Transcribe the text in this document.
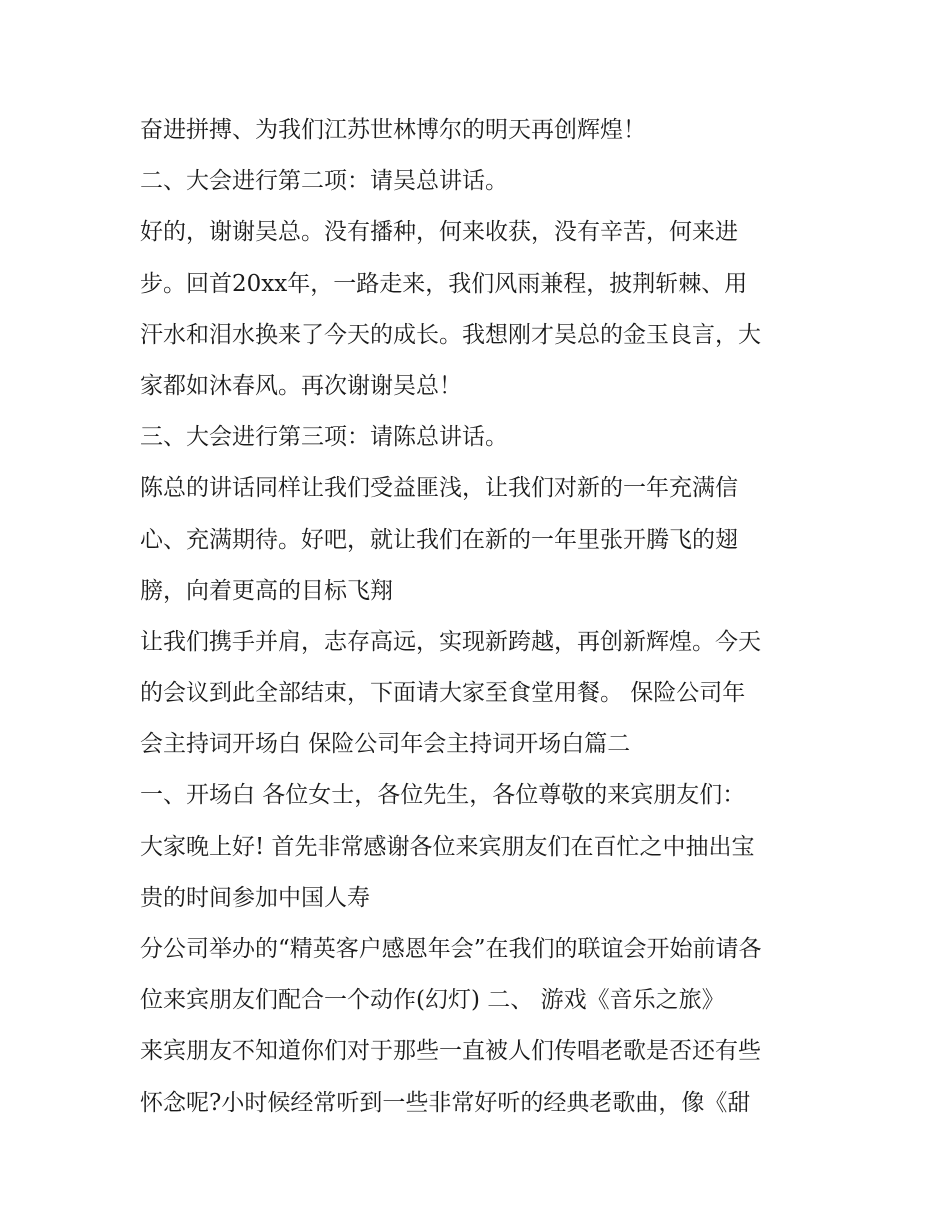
奋进拼搏、为我们江苏世林博尔的明天再创辉煌！
二、大会进行第二项：请吴总讲话。
好的，谢谢吴总。没有播种，何来收获，没有辛苦，何来进
步。回首20xx年，一路走来，我们风雨兼程，披荆斩棘、用
汗水和泪水换来了今天的成长。我想刚才吴总的金玉良言，大
家都如沐春风。再次谢谢吴总！
三、大会进行第三项：请陈总讲话。
陈总的讲话同样让我们受益匪浅，让我们对新的一年充满信
心、充满期待。好吧，就让我们在新的一年里张开腾飞的翅
膀，向着更高的目标飞翔
让我们携手并肩，志存高远，实现新跨越，再创新辉煌。今天
的会议到此全部结束，下面请大家至食堂用餐。 保险公司年
会主持词开场白 保险公司年会主持词开场白篇二
一、开场白 各位女士，各位先生，各位尊敬的来宾朋友们：
大家晚上好! 首先非常感谢各位来宾朋友们在百忙之中抽出宝
贵的时间参加中国人寿
分公司举办的“精英客户感恩年会”在我们的联谊会开始前请各
位来宾朋友们配合一个动作(幻灯) 二、 游戏《音乐之旅》
来宾朋友不知道你们对于那些一直被人们传唱老歌是否还有些
怀念呢?小时候经常听到一些非常好听的经典老歌曲，像《甜
